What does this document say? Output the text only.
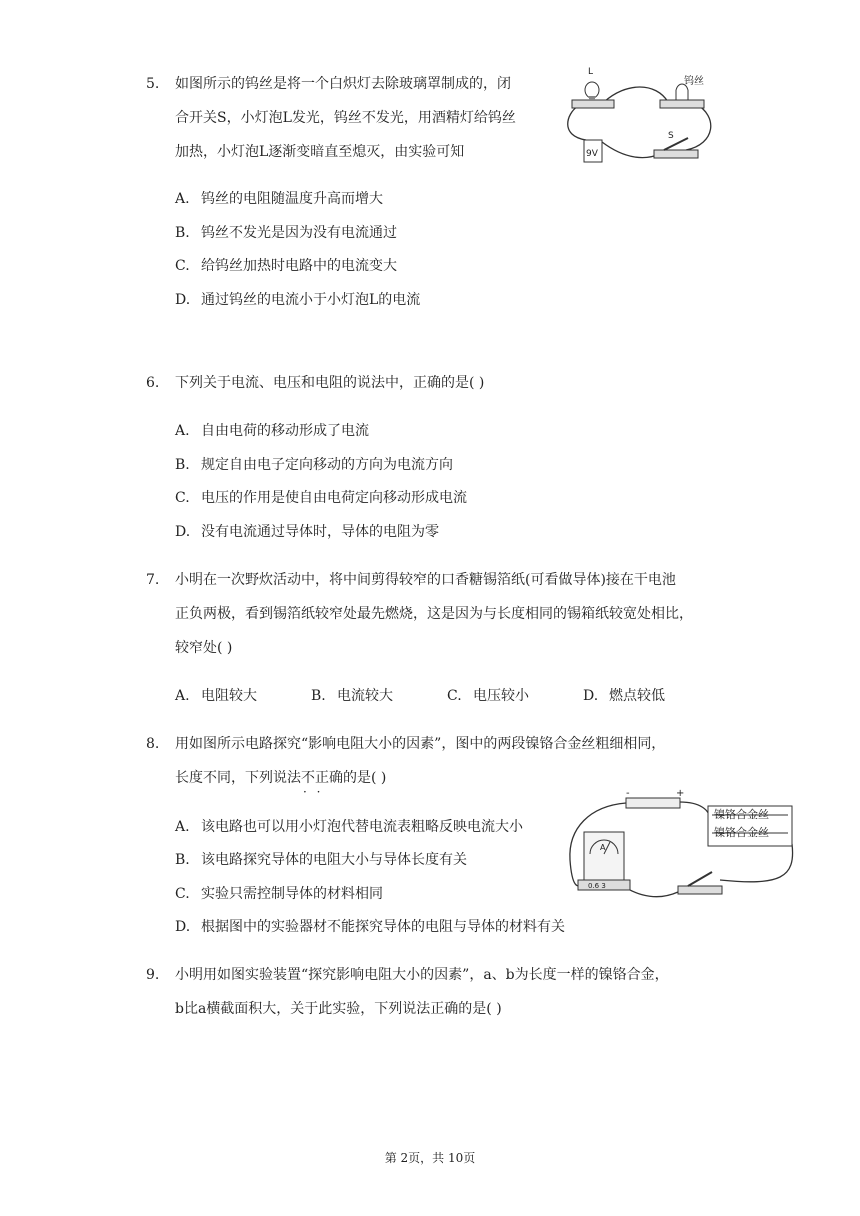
5. 如图所示的钨丝是将一个白炽灯去除玻璃罩制成的，闭
合开关S，小灯泡L发光，钨丝不发光，用酒精灯给钨丝
加热，小灯泡L逐渐变暗直至熄灭，由实验可知
L
钨丝
9V
S
A. 钨丝的电阻随温度升高而增大
B. 钨丝不发光是因为没有电流通过
C. 给钨丝加热时电路中的电流变大
D. 通过钨丝的电流小于小灯泡L的电流
6. 下列关于电流、电压和电阻的说法中，正确的是( )
A. 自由电荷的移动形成了电流
B. 规定自由电子定向移动的方向为电流方向
C. 电压的作用是使自由电荷定向移动形成电流
D. 没有电流通过导体时，导体的电阻为零
7. 小明在一次野炊活动中，将中间剪得较窄的口香糖锡箔纸(可看做导体)接在干电池
正负两极，看到锡箔纸较窄处最先燃烧，这是因为与长度相同的锡箱纸较宽处相比，
较窄处( )
A. 电阻较大	B. 电流较大	C. 电压较小	D. 燃点较低
8. 用如图所示电路探究“影响电阻大小的因素”，图中的两段镍铬合金丝粗细相同，
长度不同，下列说法不正确 · ·的是( )
-	+
镍铬合金丝
镍铬合金丝
A
0.6 3
A. 该电路也可以用小灯泡代替电流表粗略反映电流大小
B. 该电路探究导体的电阻大小与导体长度有关
C. 实验只需控制导体的材料相同
D. 根据图中的实验器材不能探究导体的电阻与导体的材料有关
9. 小明用如图实验装置“探究影响电阻大小的因素”，a、b为长度一样的镍铬合金，
b比a横截面积大，关于此实验，下列说法正确的是( )
第 2页，共 10页
